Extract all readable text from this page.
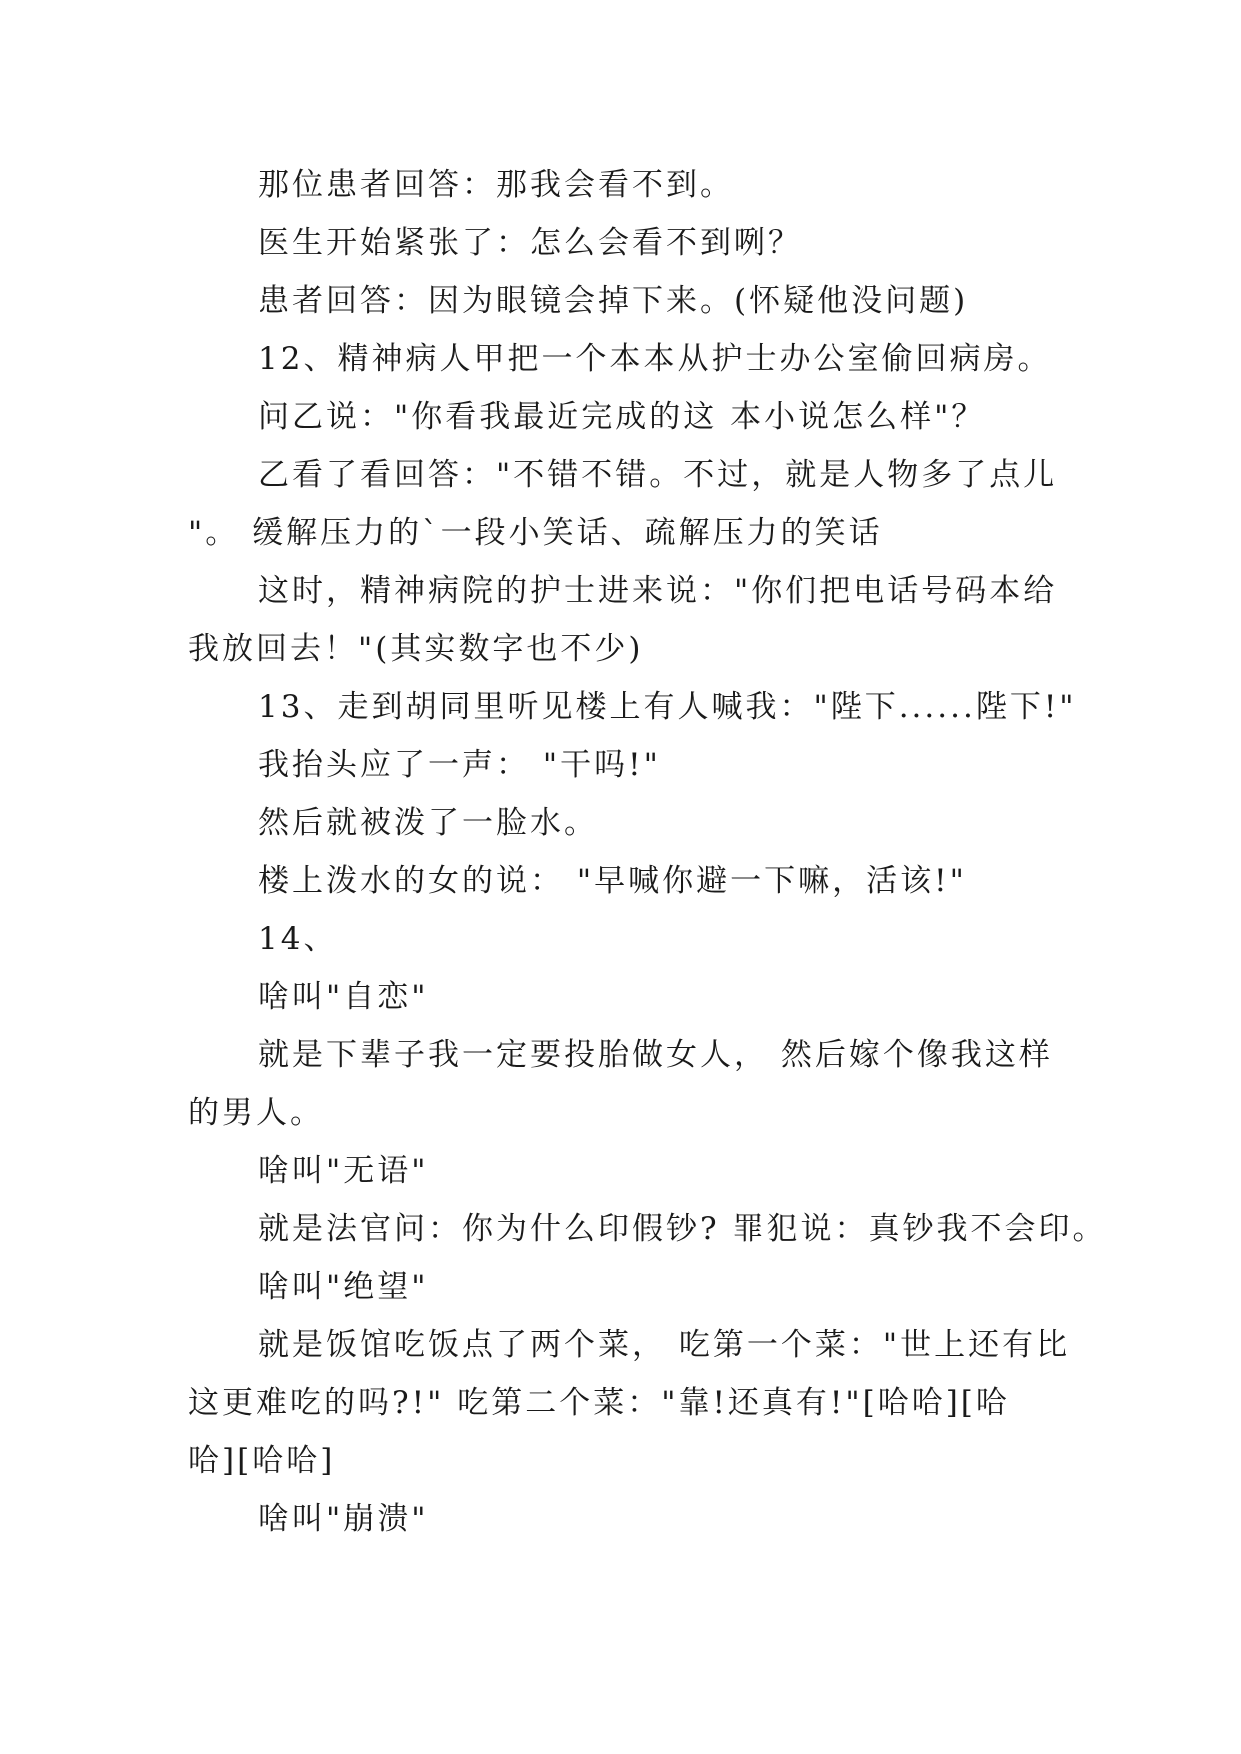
那位患者回答：那我会看不到。
医生开始紧张了：怎么会看不到咧？
患者回答：因为眼镜会掉下来。(怀疑他没问题)
12、精神病人甲把一个本本从护士办公室偷回病房。
问乙说："你看我最近完成的这 本小说怎么样"？
乙看了看回答："不错不错。不过，就是人物多了点儿
"。 缓解压力的`一段小笑话、疏解压力的笑话
这时，精神病院的护士进来说："你们把电话号码本给
我放回去！"(其实数字也不少)
13、走到胡同里听见楼上有人喊我："陛下......陛下!"
我抬头应了一声： "干吗!"
然后就被泼了一脸水。
楼上泼水的女的说： "早喊你避一下嘛，活该!"
14、
啥叫"自恋"
就是下辈子我一定要投胎做女人， 然后嫁个像我这样
的男人。
啥叫"无语"
就是法官问：你为什么印假钞? 罪犯说：真钞我不会印。
啥叫"绝望"
就是饭馆吃饭点了两个菜， 吃第一个菜："世上还有比
这更难吃的吗?!" 吃第二个菜："靠!还真有!"[哈哈][哈
哈][哈哈]
啥叫"崩溃"
